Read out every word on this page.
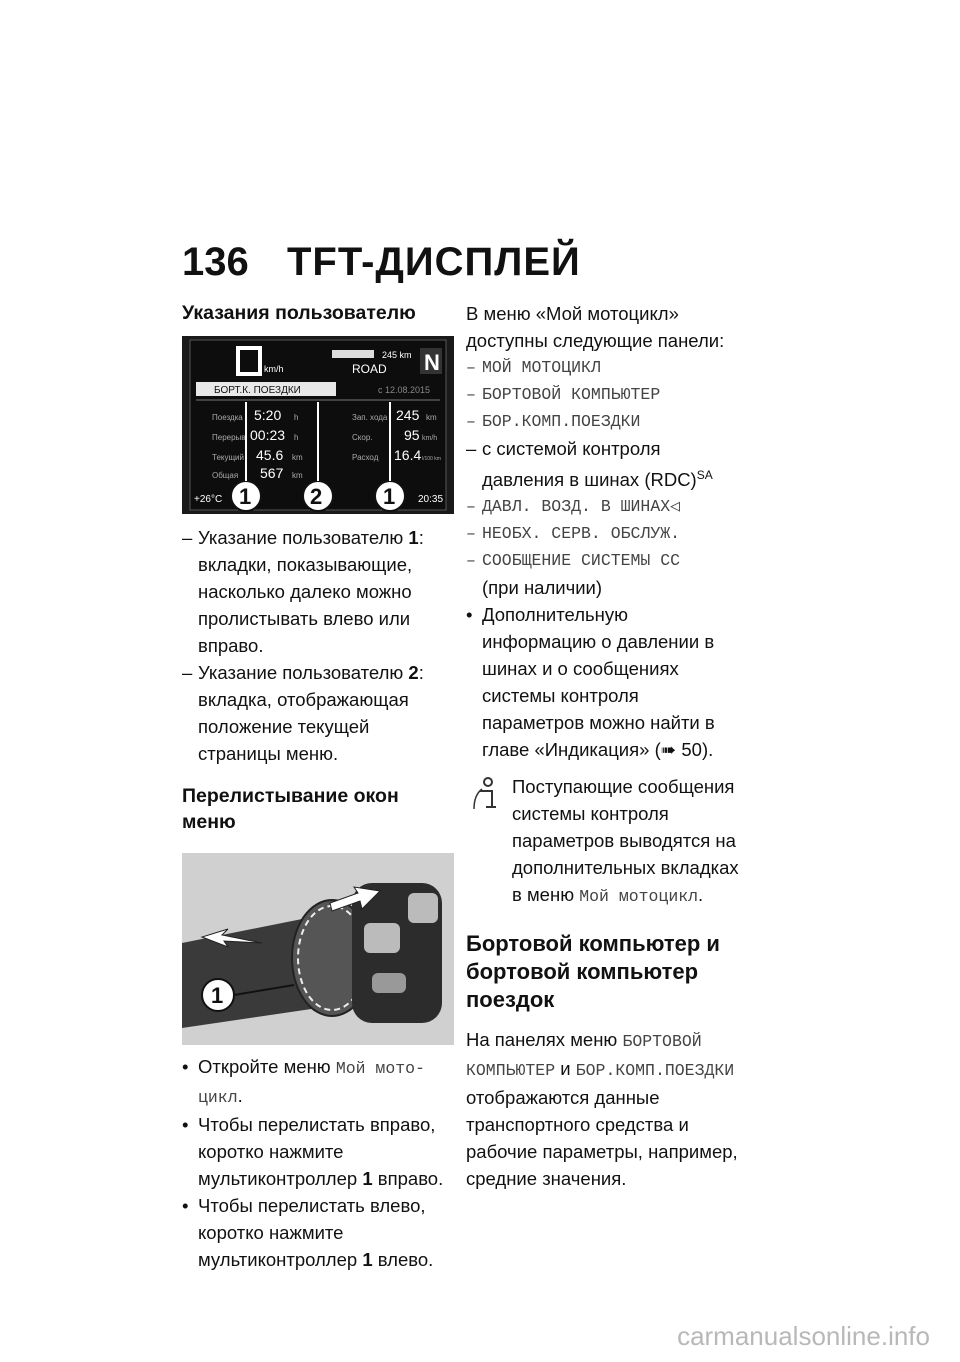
136 TFT-ДИСПЛЕЙ
Указания пользователю
km/h
245 km
ROAD N
БОРТ.К. ПОЕЗДКИ	с 12.08.2015
Поездка 5:20 h
Перерыв 00:23 h
Текущий 45.6 km
Общая 567 km
Зап. хода 245 km
Скор. 95 km/h
Расход 16.4 l/100 km
+26°C	20:35
1	2	1

– Указание пользователю 1: вкладки, показывающие, насколько далеко можно пролистывать влево или вправо.

– Указание пользователю 2: вкладка, отображающая положение текущей страницы меню.

Перелистывание окон меню
1

• Откройте меню Мой мотоцикл.

• Чтобы перелистать вправо, коротко нажмите мультиконтроллер 1 вправо.

• Чтобы перелистать влево, коротко нажмите мультиконтроллер 1 влево.

В меню «Мой мотоцикл» доступны следующие панели:

– МОЙ МОТОЦИКЛ

– БОРТОВОЙ КОМПЬЮТЕР

– БОР.КОМП.ПОЕЗДКИ

– с системой контроля давления в шинах (RDC)$^{SA}$

– ДАВЛ. ВОЗД. В ШИНАХ◁

– НЕОБХ. СЕРВ. ОБСЛУЖ.

– СООБЩЕНИЕ СИСТЕМЫ СС

(при наличии)

• Дополнительную информацию о давлении в шинах и о сообщениях системы контроля параметров можно найти в главе «Индикация» (➠ 50).

Поступающие сообщения системы контроля параметров выводятся на дополнительных вкладках в меню Мой мотоцикл.

Бортовой компьютер и бортовой компьютер поездок

На панелях меню БОРТОВОЙ КОМПЬЮТЕР и БОР.КОМП.ПОЕЗДКИ отображаются данные транспортного средства и рабочие параметры, например, средние значения.

carmanualsonline.info
